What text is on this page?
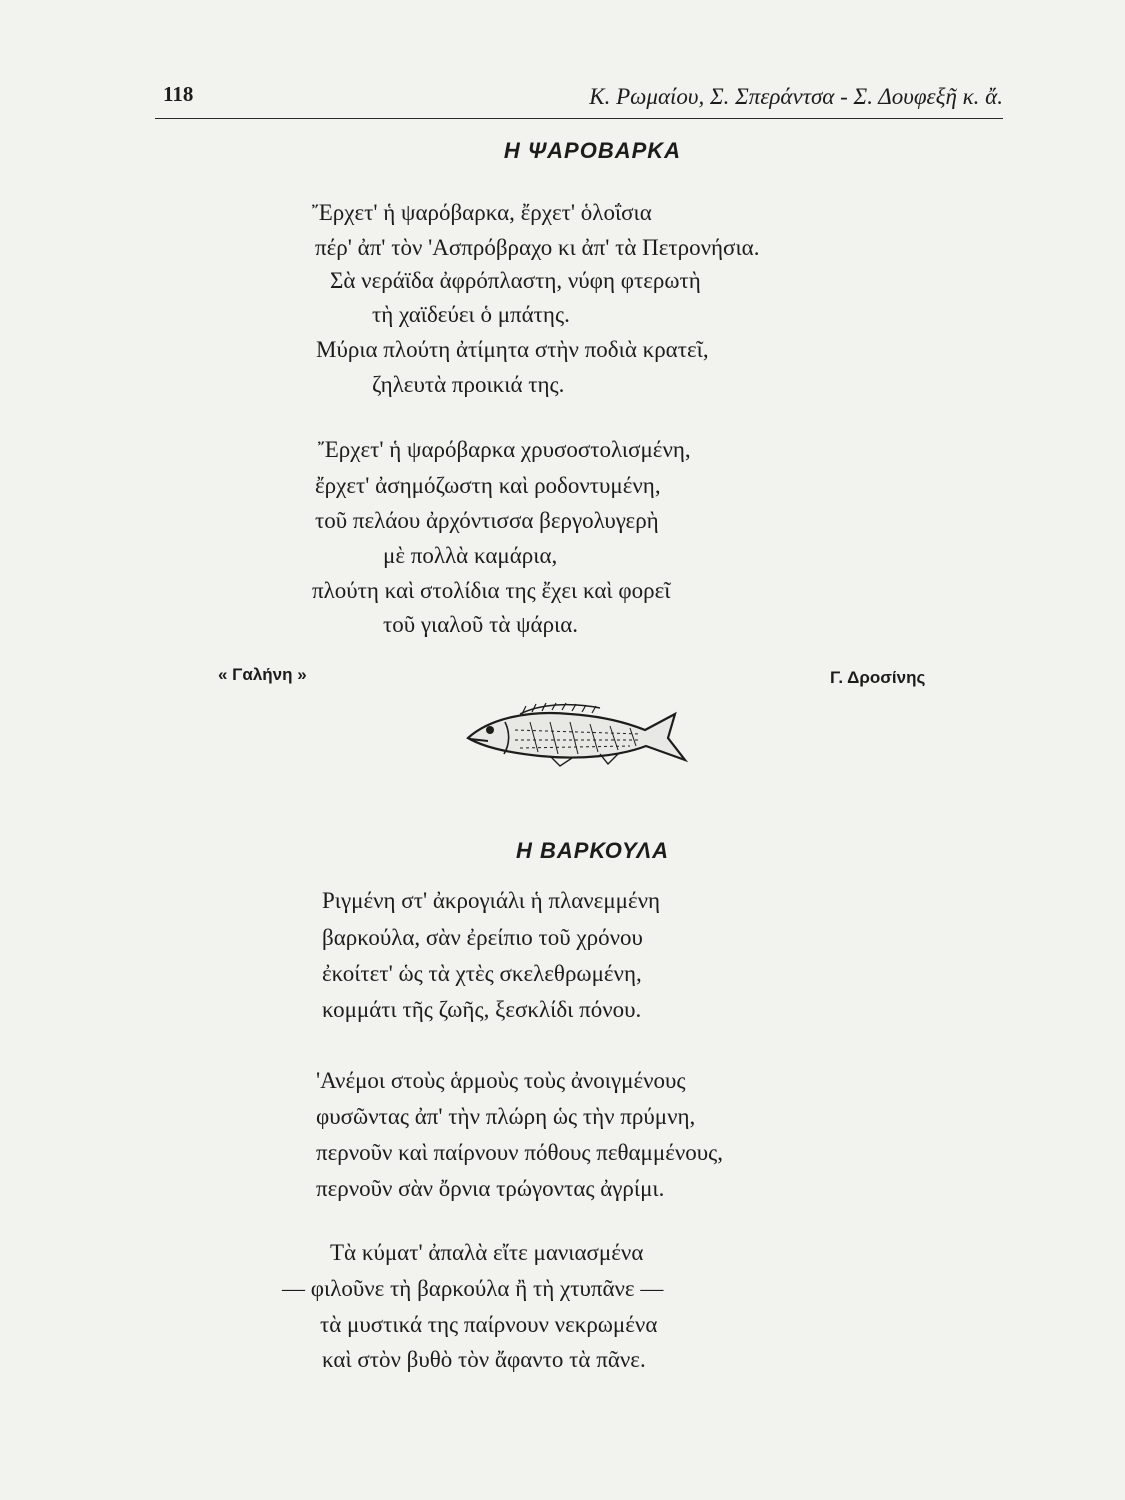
118	Κ. Ρωμαίου, Σ. Σπεράντσα - Σ. Δουφεξῆ κ. ἄ.
Η ΨΑΡΟΒΑΡΚΑ
Ἔρχετ' ἡ ψαρόβαρκα, ἔρχετ' ὁλοΐσια
πέρ' ἀπ' τὸν 'Ασπρόβραχο κι ἀπ' τὰ Πετρονήσια.
Σὰ νεράϊδα ἀφρόπλαστη, νύφη φτερωτὴ
τὴ χαϊδεύει ὁ μπάτης.
Μύρια πλούτη ἀτίμητα στὴν ποδιὰ κρατεῖ,
ζηλευτὰ προικιά της.
Ἔρχετ' ἡ ψαρόβαρκα χρυσοστολισμένη,
ἔρχετ' ἀσημόζωστη καὶ ροδοντυμένη,
τοῦ πελάου ἀρχόντισσα βεργολυγερὴ
μὲ πολλὰ καμάρια,
πλούτη καὶ στολίδια της ἔχει καὶ φορεῖ
τοῦ γιαλοῦ τὰ ψάρια.
« Γαλήνη »	Γ. Δροσίνης
Η ΒΑΡΚΟΥΛΑ
Ριγμένη στ' ἀκρογιάλι ἡ πλανεμμένη
βαρκούλα, σὰν ἐρείπιο τοῦ χρόνου
ἐκοίτετ' ὡς τὰ χτὲς σκελεθρωμένη,
κομμάτι τῆς ζωῆς, ξεσκλίδι πόνου.
'Ανέμοι στοὺς ἁρμοὺς τοὺς ἀνοιγμένους
φυσῶντας ἀπ' τὴν πλώρη ὡς τὴν πρύμνη,
περνοῦν καὶ παίρνουν πόθους πεθαμμένους,
περνοῦν σὰν ὄρνια τρώγοντας ἀγρίμι.
Τὰ κύματ' ἀπαλὰ εἴτε μανιασμένα
— φιλοῦνε τὴ βαρκούλα ἢ τὴ χτυπᾶνε —
τὰ μυστικά της παίρνουν νεκρωμένα
καὶ στὸν βυθὸ τὸν ἄφαντο τὰ πᾶνε.
